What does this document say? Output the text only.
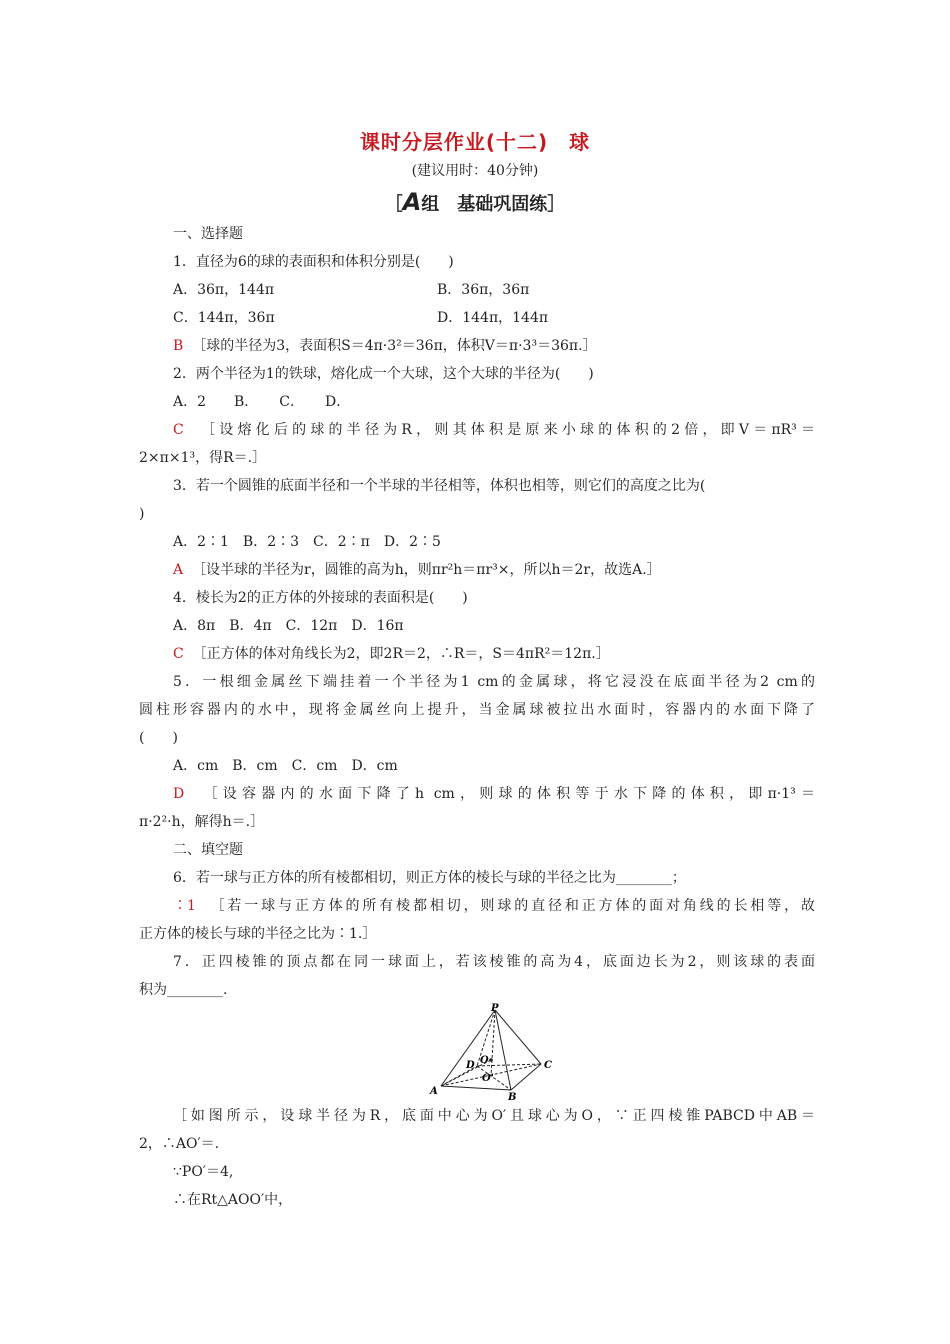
课时分层作业(十二)　球
(建议用时：40分钟)
［A组　基础巩固练］
一、选择题
1．直径为6的球的表面积和体积分别是(　　)
A．36π，144π	B．36π，36π
C．144π，36π	D．144π，144π
B ［球的半径为3，表面积S＝4π·3²＝36π，体积V＝π·3³＝36π.］
2．两个半径为1的铁球，熔化成一个大球，这个大球的半径为(　　)
A．2　　B．　　C．　　D．
C ［设熔化后的球的半径为R，则其体积是原来小球的体积的2倍，即V＝πR³＝
2×π×1³，得R＝.］
3．若一个圆锥的底面半径和一个半球的半径相等，体积也相等，则它们的高度之比为(
)
A．2∶1　B．2∶3　C．2∶π　D．2∶5
A ［设半球的半径为r，圆锥的高为h，则πr²h＝πr³×，所以h＝2r，故选A.］
4．棱长为2的正方体的外接球的表面积是(　　)
A．8π　B．4π　C．12π　D．16π
C ［正方体的体对角线长为2，即2R＝2，∴R＝，S＝4πR²＝12π.］
5．一根细金属丝下端挂着一个半径为1 cm的金属球，将它浸没在底面半径为2 cm的
圆柱形容器内的水中，现将金属丝向上提升，当金属球被拉出水面时，容器内的水面下降了
(　　)
A．cm　B．cm　C．cm　D．cm
D ［设容器内的水面下降了h cm，则球的体积等于水下降的体积，即π·1³＝
π·2²·h，解得h＝.］
二、填空题
6．若一球与正方体的所有棱都相切，则正方体的棱长与球的半径之比为________；
∶1 ［若一球与正方体的所有棱都相切，则球的直径和正方体的面对角线的长相等，故
正方体的棱长与球的半径之比为∶1.］
7．正四棱锥的顶点都在同一球面上，若该棱锥的高为4，底面边长为2，则该球的表面
积为________.
P
D O	C
O'
A
B
［如图所示，设球半径为R，底面中心为O′且球心为O，∵正四棱锥PABCD中AB＝
2，∴AO′＝.
∵PO′＝4,
∴在Rt△AOO′中，
